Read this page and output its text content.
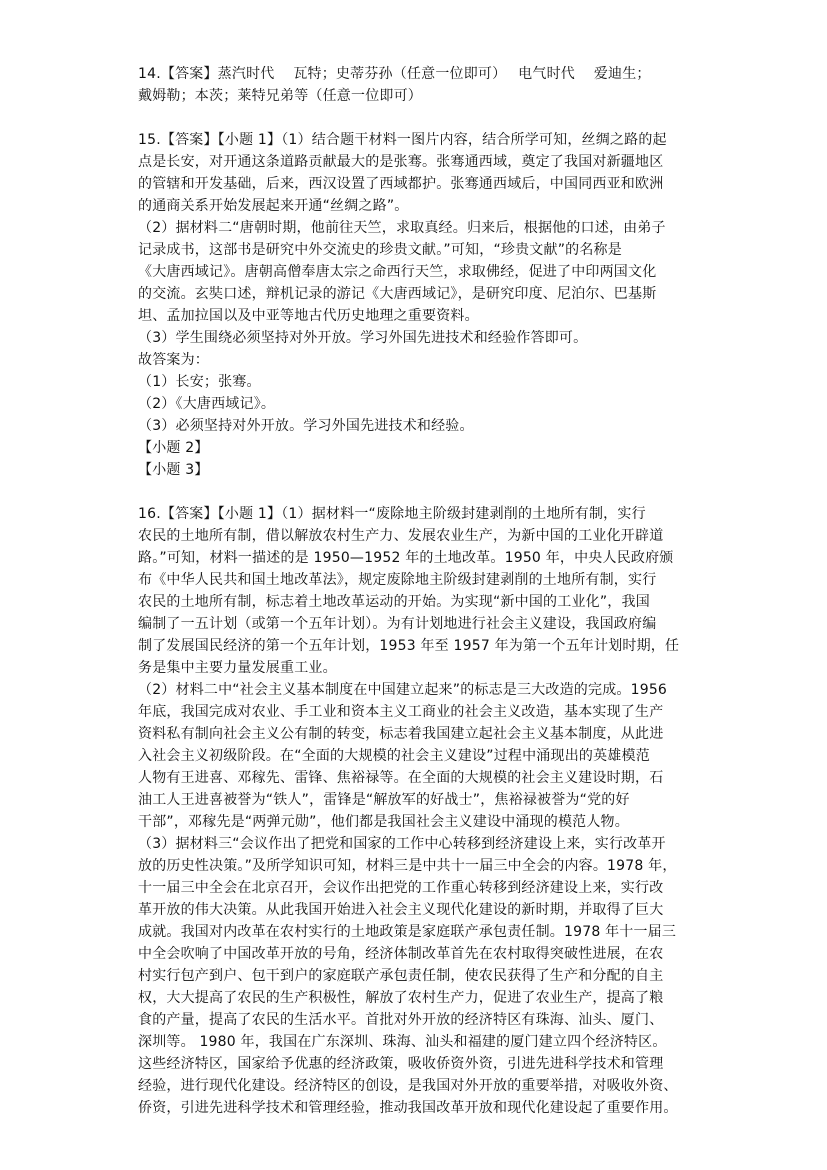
14.【答案】蒸汽时代　 瓦特；史蒂芬孙（任意一位即可）　 电气时代　 爱迪生；
戴姆勒；本茨；莱特兄弟等（任意一位即可）
15.【答案】【小题 1】（1）结合题干材料一图片内容，结合所学可知，丝绸之路的起
点是长安，对开通这条道路贡献最大的是张骞。张骞通西域，奠定了我国对新疆地区
的管辖和开发基础，后来，西汉设置了西域都护。张骞通西域后，中国同西亚和欧洲
的通商关系开始发展起来开通“丝绸之路”。
（2）据材料二“唐朝时期，他前往天竺，求取真经。归来后，根据他的口述，由弟子
记录成书，这部书是研究中外交流史的珍贵文献。”可知，“珍贵文献”的名称是
《大唐西域记》。唐朝高僧奉唐太宗之命西行天竺，求取佛经，促进了中印两国文化
的交流。玄奘口述，辩机记录的游记《大唐西域记》，是研究印度、尼泊尔、巴基斯
坦、孟加拉国以及中亚等地古代历史地理之重要资料。
（3）学生围绕必须坚持对外开放。学习外国先进技术和经验作答即可。
故答案为：
（1）长安；张骞。
（2）《大唐西域记》。
（3）必须坚持对外开放。学习外国先进技术和经验。
【小题 2】
【小题 3】
16.【答案】【小题 1】（1）据材料一“废除地主阶级封建剥削的土地所有制，实行
农民的土地所有制，借以解放农村生产力、发展农业生产，为新中国的工业化开辟道
路。”可知，材料一描述的是 1950—1952 年的土地改革。1950 年，中央人民政府颁
布《中华人民共和国土地改革法》，规定废除地主阶级封建剥削的土地所有制，实行
农民的土地所有制，标志着土地改革运动的开始。为实现“新中国的工业化”，我国
编制了一五计划（或第一个五年计划）。为有计划地进行社会主义建设，我国政府编
制了发展国民经济的第一个五年计划，1953 年至 1957 年为第一个五年计划时期，任
务是集中主要力量发展重工业。
（2）材料二中“社会主义基本制度在中国建立起来”的标志是三大改造的完成。1956
年底，我国完成对农业、手工业和资本主义工商业的社会主义改造，基本实现了生产
资料私有制向社会主义公有制的转变，标志着我国建立起社会主义基本制度，从此进
入社会主义初级阶段。在“全面的大规模的社会主义建设”过程中涌现出的英雄模范
人物有王进喜、邓稼先、雷锋、焦裕禄等。在全面的大规模的社会主义建设时期，石
油工人王进喜被誉为“铁人”，雷锋是“解放军的好战士”，焦裕禄被誉为“党的好
干部”，邓稼先是“两弹元勋”，他们都是我国社会主义建设中涌现的模范人物。
（3）据材料三“会议作出了把党和国家的工作中心转移到经济建设上来，实行改革开
放的历史性决策。”及所学知识可知，材料三是中共十一届三中全会的内容。1978 年，
十一届三中全会在北京召开，会议作出把党的工作重心转移到经济建设上来，实行改
革开放的伟大决策。从此我国开始进入社会主义现代化建设的新时期，并取得了巨大
成就。我国对内改革在农村实行的土地政策是家庭联产承包责任制。1978 年十一届三
中全会吹响了中国改革开放的号角，经济体制改革首先在农村取得突破性进展，在农
村实行包产到户、包干到户的家庭联产承包责任制，使农民获得了生产和分配的自主
权，大大提高了农民的生产积极性，解放了农村生产力，促进了农业生产，提高了粮
食的产量，提高了农民的生活水平。首批对外开放的经济特区有珠海、汕头、厦门、
深圳等。 1980 年，我国在广东深圳、珠海、汕头和福建的厦门建立四个经济特区。
这些经济特区，国家给予优惠的经济政策，吸收侨资外资，引进先进科学技术和管理
经验，进行现代化建设。经济特区的创设，是我国对外开放的重要举措，对吸收外资、
侨资，引进先进科学技术和管理经验，推动我国改革开放和现代化建设起了重要作用。
